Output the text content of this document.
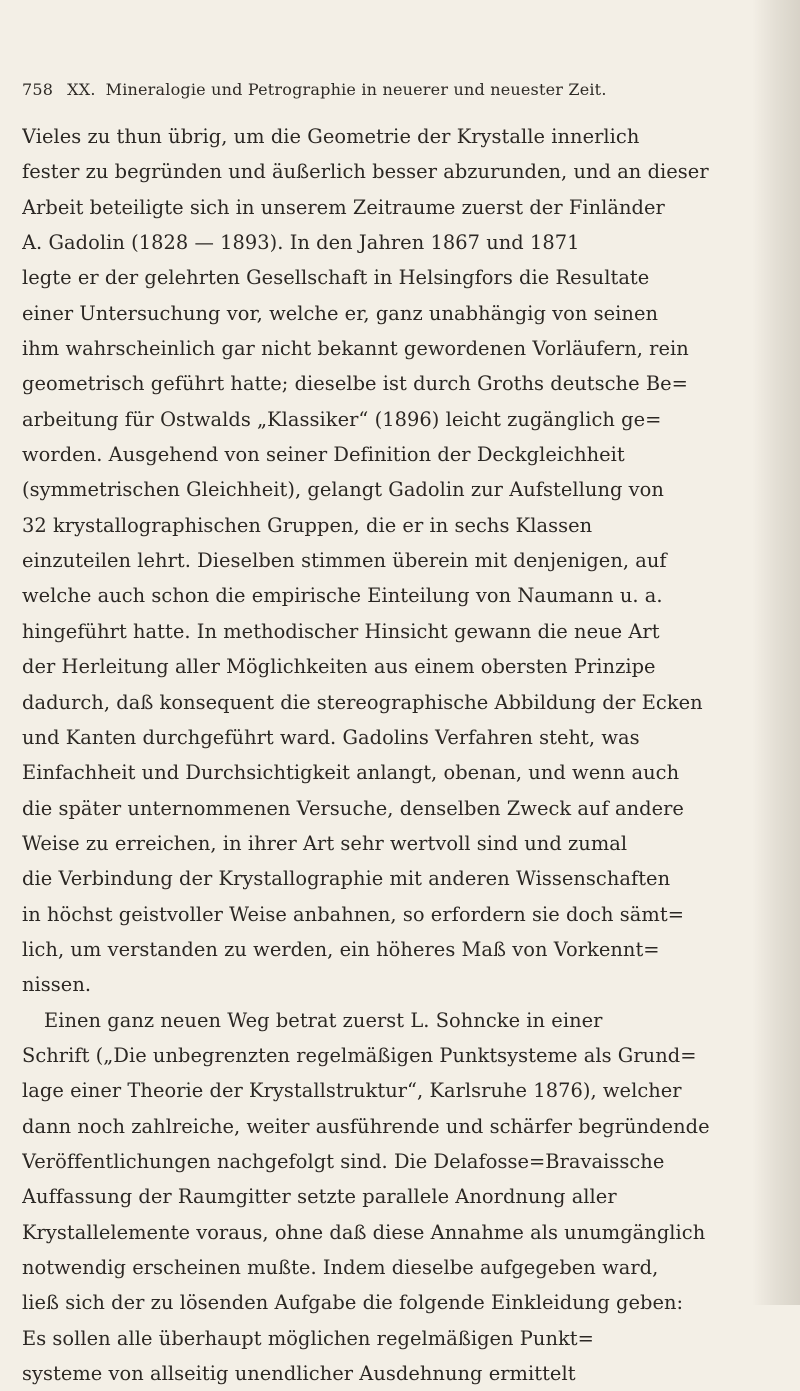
758 XX. Mineralogie und Petrographie in neuerer und neuester Zeit.
Vieles zu thun übrig, um die Geometrie der Krystalle innerlich
fester zu begründen und äußerlich besser abzurunden, und an dieser
Arbeit beteiligte sich in unserem Zeitraume zuerst der Finländer
A. Gadolin (1828 — 1893). In den Jahren 1867 und 1871
legte er der gelehrten Gesellschaft in Helsingfors die Resultate
einer Untersuchung vor, welche er, ganz unabhängig von seinen
ihm wahrscheinlich gar nicht bekannt gewordenen Vorläufern, rein
geometrisch geführt hatte; dieselbe ist durch Groths deutsche Be=
arbeitung für Ostwalds „Klassiker“ (1896) leicht zugänglich ge=
worden. Ausgehend von seiner Definition der Deckgleichheit
(symmetrischen Gleichheit), gelangt Gadolin zur Aufstellung von
32 krystallographischen Gruppen, die er in sechs Klassen
einzuteilen lehrt. Dieselben stimmen überein mit denjenigen, auf
welche auch schon die empirische Einteilung von Naumann u. a.
hingeführt hatte. In methodischer Hinsicht gewann die neue Art
der Herleitung aller Möglichkeiten aus einem obersten Prinzipe
dadurch, daß konsequent die stereographische Abbildung der Ecken
und Kanten durchgeführt ward. Gadolins Verfahren steht, was
Einfachheit und Durchsichtigkeit anlangt, obenan, und wenn auch
die später unternommenen Versuche, denselben Zweck auf andere
Weise zu erreichen, in ihrer Art sehr wertvoll sind und zumal
die Verbindung der Krystallographie mit anderen Wissenschaften
in höchst geistvoller Weise anbahnen, so erfordern sie doch sämt=
lich, um verstanden zu werden, ein höheres Maß von Vorkennt=
nissen.
Einen ganz neuen Weg betrat zuerst L. Sohncke in einer
Schrift („Die unbegrenzten regelmäßigen Punktsysteme als Grund=
lage einer Theorie der Krystallstruktur“, Karlsruhe 1876), welcher
dann noch zahlreiche, weiter ausführende und schärfer begründende
Veröffentlichungen nachgefolgt sind. Die Delafosse=Bravaissche
Auffassung der Raumgitter setzte parallele Anordnung aller
Krystallelemente voraus, ohne daß diese Annahme als unumgänglich
notwendig erscheinen mußte. Indem dieselbe aufgegeben ward,
ließ sich der zu lösenden Aufgabe die folgende Einkleidung geben:
Es sollen alle überhaupt möglichen regelmäßigen Punkt=
systeme von allseitig unendlicher Ausdehnung ermittelt
